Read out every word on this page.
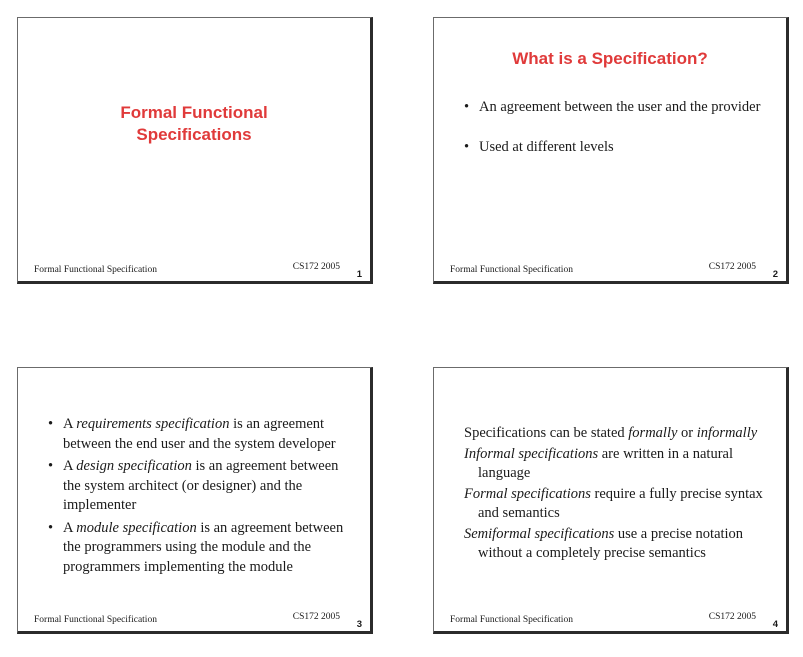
Formal Functional
Specifications
Formal Functional Specification	CS172 2005
1
What is a Specification?
• An agreement between the user and the provider
• Used at different levels
Formal Functional Specification	CS172 2005
2
• A requirements specification is an agreement between the end user and the system developer
• A design specification is an agreement between the system architect (or designer) and the implementer
• A module specification is an agreement between the programmers using the module and the programmers implementing the module
Formal Functional Specification	CS172 2005
3

Specifications can be stated formally or informally

Informal specifications are written in a natural language

Formal specifications require a fully precise syntax and semantics

Semiformal specifications use a precise notation without a completely precise semantics

Formal Functional Specification	CS172 2005
4
